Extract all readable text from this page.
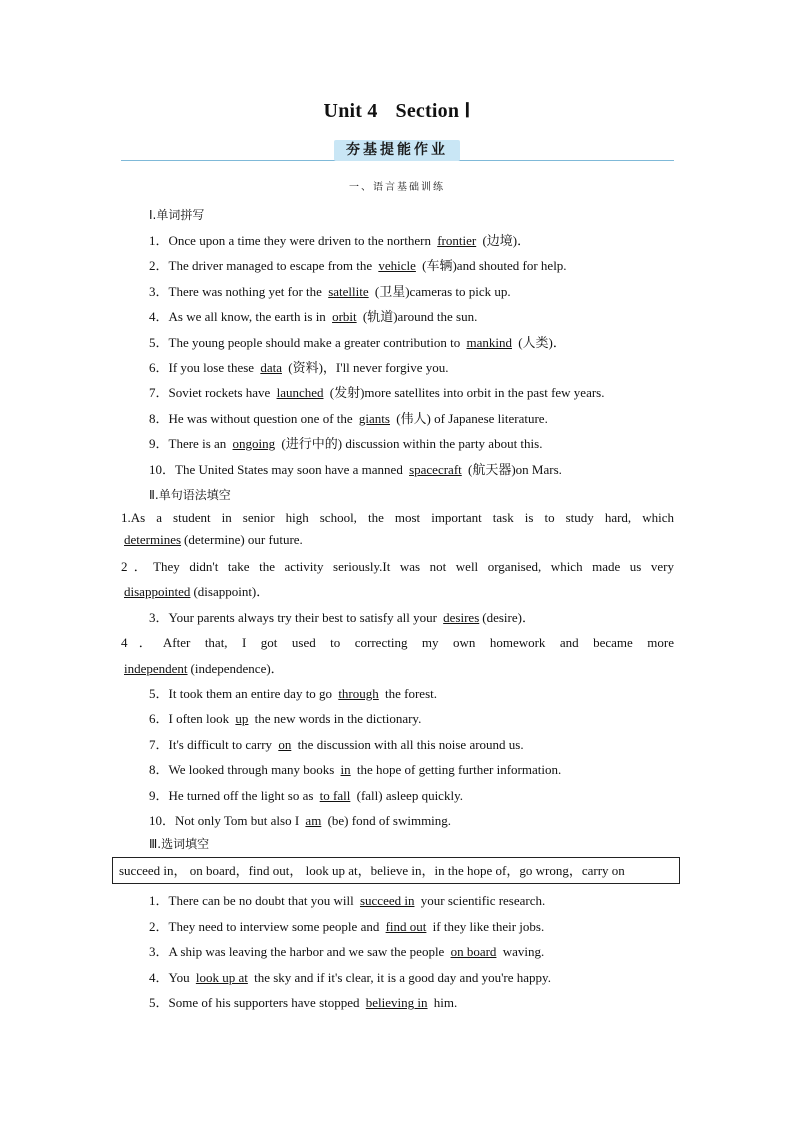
Unit 4 Section Ⅰ
夯基提能作业
一、语言基础训练
Ⅰ.单词拼写
1．Once upon a time they were driven to the northern frontier (边境)．
2．The driver managed to escape from the vehicle (车辆)and shouted for help.
3．There was nothing yet for the satellite (卫星)cameras to pick up.
4．As we all know, the earth is in orbit (轨道)around the sun.
5．The young people should make a greater contribution to mankind (人类)．
6．If you lose these data (资料)，I'll never forgive you.
7．Soviet rockets have launched (发射)more satellites into orbit in the past few years.
8．He was without question one of the giants (伟人) of Japanese literature.
9．There is an ongoing (进行中的) discussion within the party about this.
10．The United States may soon have a manned spacecraft (航天器)on Mars.
Ⅱ.单句语法填空
1.As a student in senior high school, the most important task is to study hard, which
determines (determine) our future.
2．They didn't take the activity seriously.It was not well organised, which made us very
disappointed (disappoint)．
3．Your parents always try their best to satisfy all your desires (desire)．
4．After that, I got used to correcting my own homework and became more
independent (independence)．
5．It took them an entire day to go through the forest.
6．I often look up the new words in the dictionary.
7．It's difficult to carry on the discussion with all this noise around us.
8．We looked through many books in the hope of getting further information.
9．He turned off the light so as to fall (fall) asleep quickly.
10．Not only Tom but also I am (be) fond of swimming.
Ⅲ.选词填空
succeed in， on board，find out， look up at，believe in，in the hope of，go wrong，carry on
1．There can be no doubt that you will succeed in your scientific research.
2．They need to interview some people and find out if they like their jobs.
3．A ship was leaving the harbor and we saw the people on board waving.
4．You look up at the sky and if it's clear, it is a good day and you're happy.
5．Some of his supporters have stopped believing in him.
